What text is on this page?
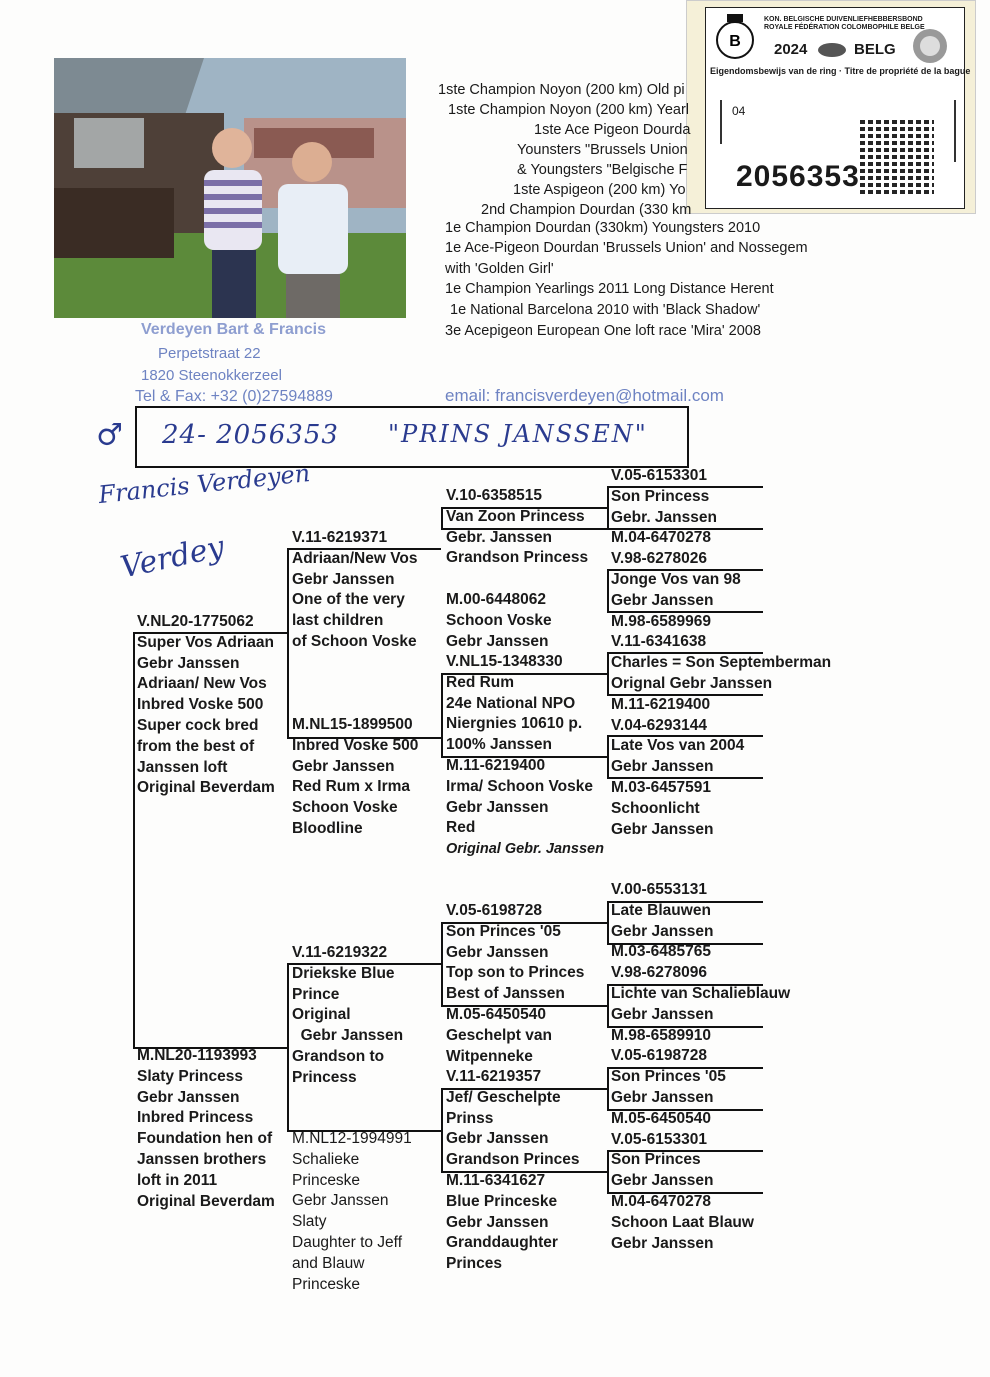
B
KON. BELGISCHE DUIVENLIEFHEBBERSBOND
ROYALE FÉDÉRATION COLOMBOPHILE BELGE
2024	BELG
Eigendomsbewijs van de ring · Titre de propriété de la bague
04
2056353
1ste Champion Noyon (200 km) Old pi
1ste Champion Noyon (200 km) Yearl
1ste Ace Pigeon Dourda
Younsters "Brussels Union
& Youngsters "Belgische F
1ste Aspigeon (200 km) Yo
2nd Champion Dourdan (330 km
1e Champion Dourdan (330km) Youngsters 2010
1e Ace-Pigeon Dourdan 'Brussels Union' and Nossegem
with 'Golden Girl'
1e Champion Yearlings 2011 Long Distance Herent
1e National Barcelona 2010 with 'Black Shadow'
3e Acepigeon European One loft race 'Mira' 2008
Verdeyen Bart & Francis
Perpetstraat 22
1820 Steenokkerzeel
Tel & Fax: +32 (0)27594889	email: francisverdeyen@hotmail.com
♂ 24- 2056353 "PRINS JANSSEN"
Francis Verdeyen
Verdey
V.NL20-1775062
Super Vos Adriaan
Gebr Janssen
Adriaan/ New Vos
Inbred Voske 500
Super cock bred
from the best of
Janssen loft
Original Beverdam
M.NL20-1193993
Slaty Princess
Gebr Janssen
Inbred Princess
Foundation hen of
Janssen brothers
loft in 2011
Original Beverdam
V.11-6219371
Adriaan/New Vos
Gebr Janssen
One of the very
last children
of Schoon Voske
M.NL15-1899500
Inbred Voske 500
Gebr Janssen
Red Rum x Irma
Schoon Voske
Bloodline
V.11-6219322
Driekske Blue
Prince
Original
Gebr Janssen
Grandson to
Princess
M.NL12-1994991
Schalieke
Princeske
Gebr Janssen
Slaty
Daughter to Jeff
and Blauw
Princeske
V.10-6358515
Van Zoon Princess
Gebr. Janssen
Grandson Princess
M.00-6448062
Schoon Voske
Gebr Janssen
V.NL15-1348330
Red Rum
24e National NPO
Niergnies 10610 p.
100% Janssen
M.11-6219400
Irma/ Schoon Voske
Gebr Janssen
Red
Original Gebr. Janssen
V.05-6198728
Son Princes '05
Gebr Janssen
Top son to Princes
Best of Janssen
M.05-6450540
Geschelpt van
Witpenneke
V.11-6219357
Jef/ Geschelpte
Prinss
Gebr Janssen
Grandson Princes
M.11-6341627
Blue Princeske
Gebr Janssen
Granddaughter
Princes
V.05-6153301
Son Princess
Gebr. Janssen
M.04-6470278
V.98-6278026
Jonge Vos van 98
Gebr Janssen
M.98-6589969
V.11-6341638
Charles = Son Septemberman
Orignal Gebr Janssen
M.11-6219400
V.04-6293144
Late Vos van 2004
Gebr Janssen
M.03-6457591
Schoonlicht
Gebr Janssen
V.00-6553131
Late Blauwen
Gebr Janssen
M.03-6485765
V.98-6278096
Lichte van Schalieblauw
Gebr Janssen
M.98-6589910
V.05-6198728
Son Princes '05
Gebr Janssen
M.05-6450540
V.05-6153301
Son Princes
Gebr Janssen
M.04-6470278
Schoon Laat Blauw
Gebr Janssen
